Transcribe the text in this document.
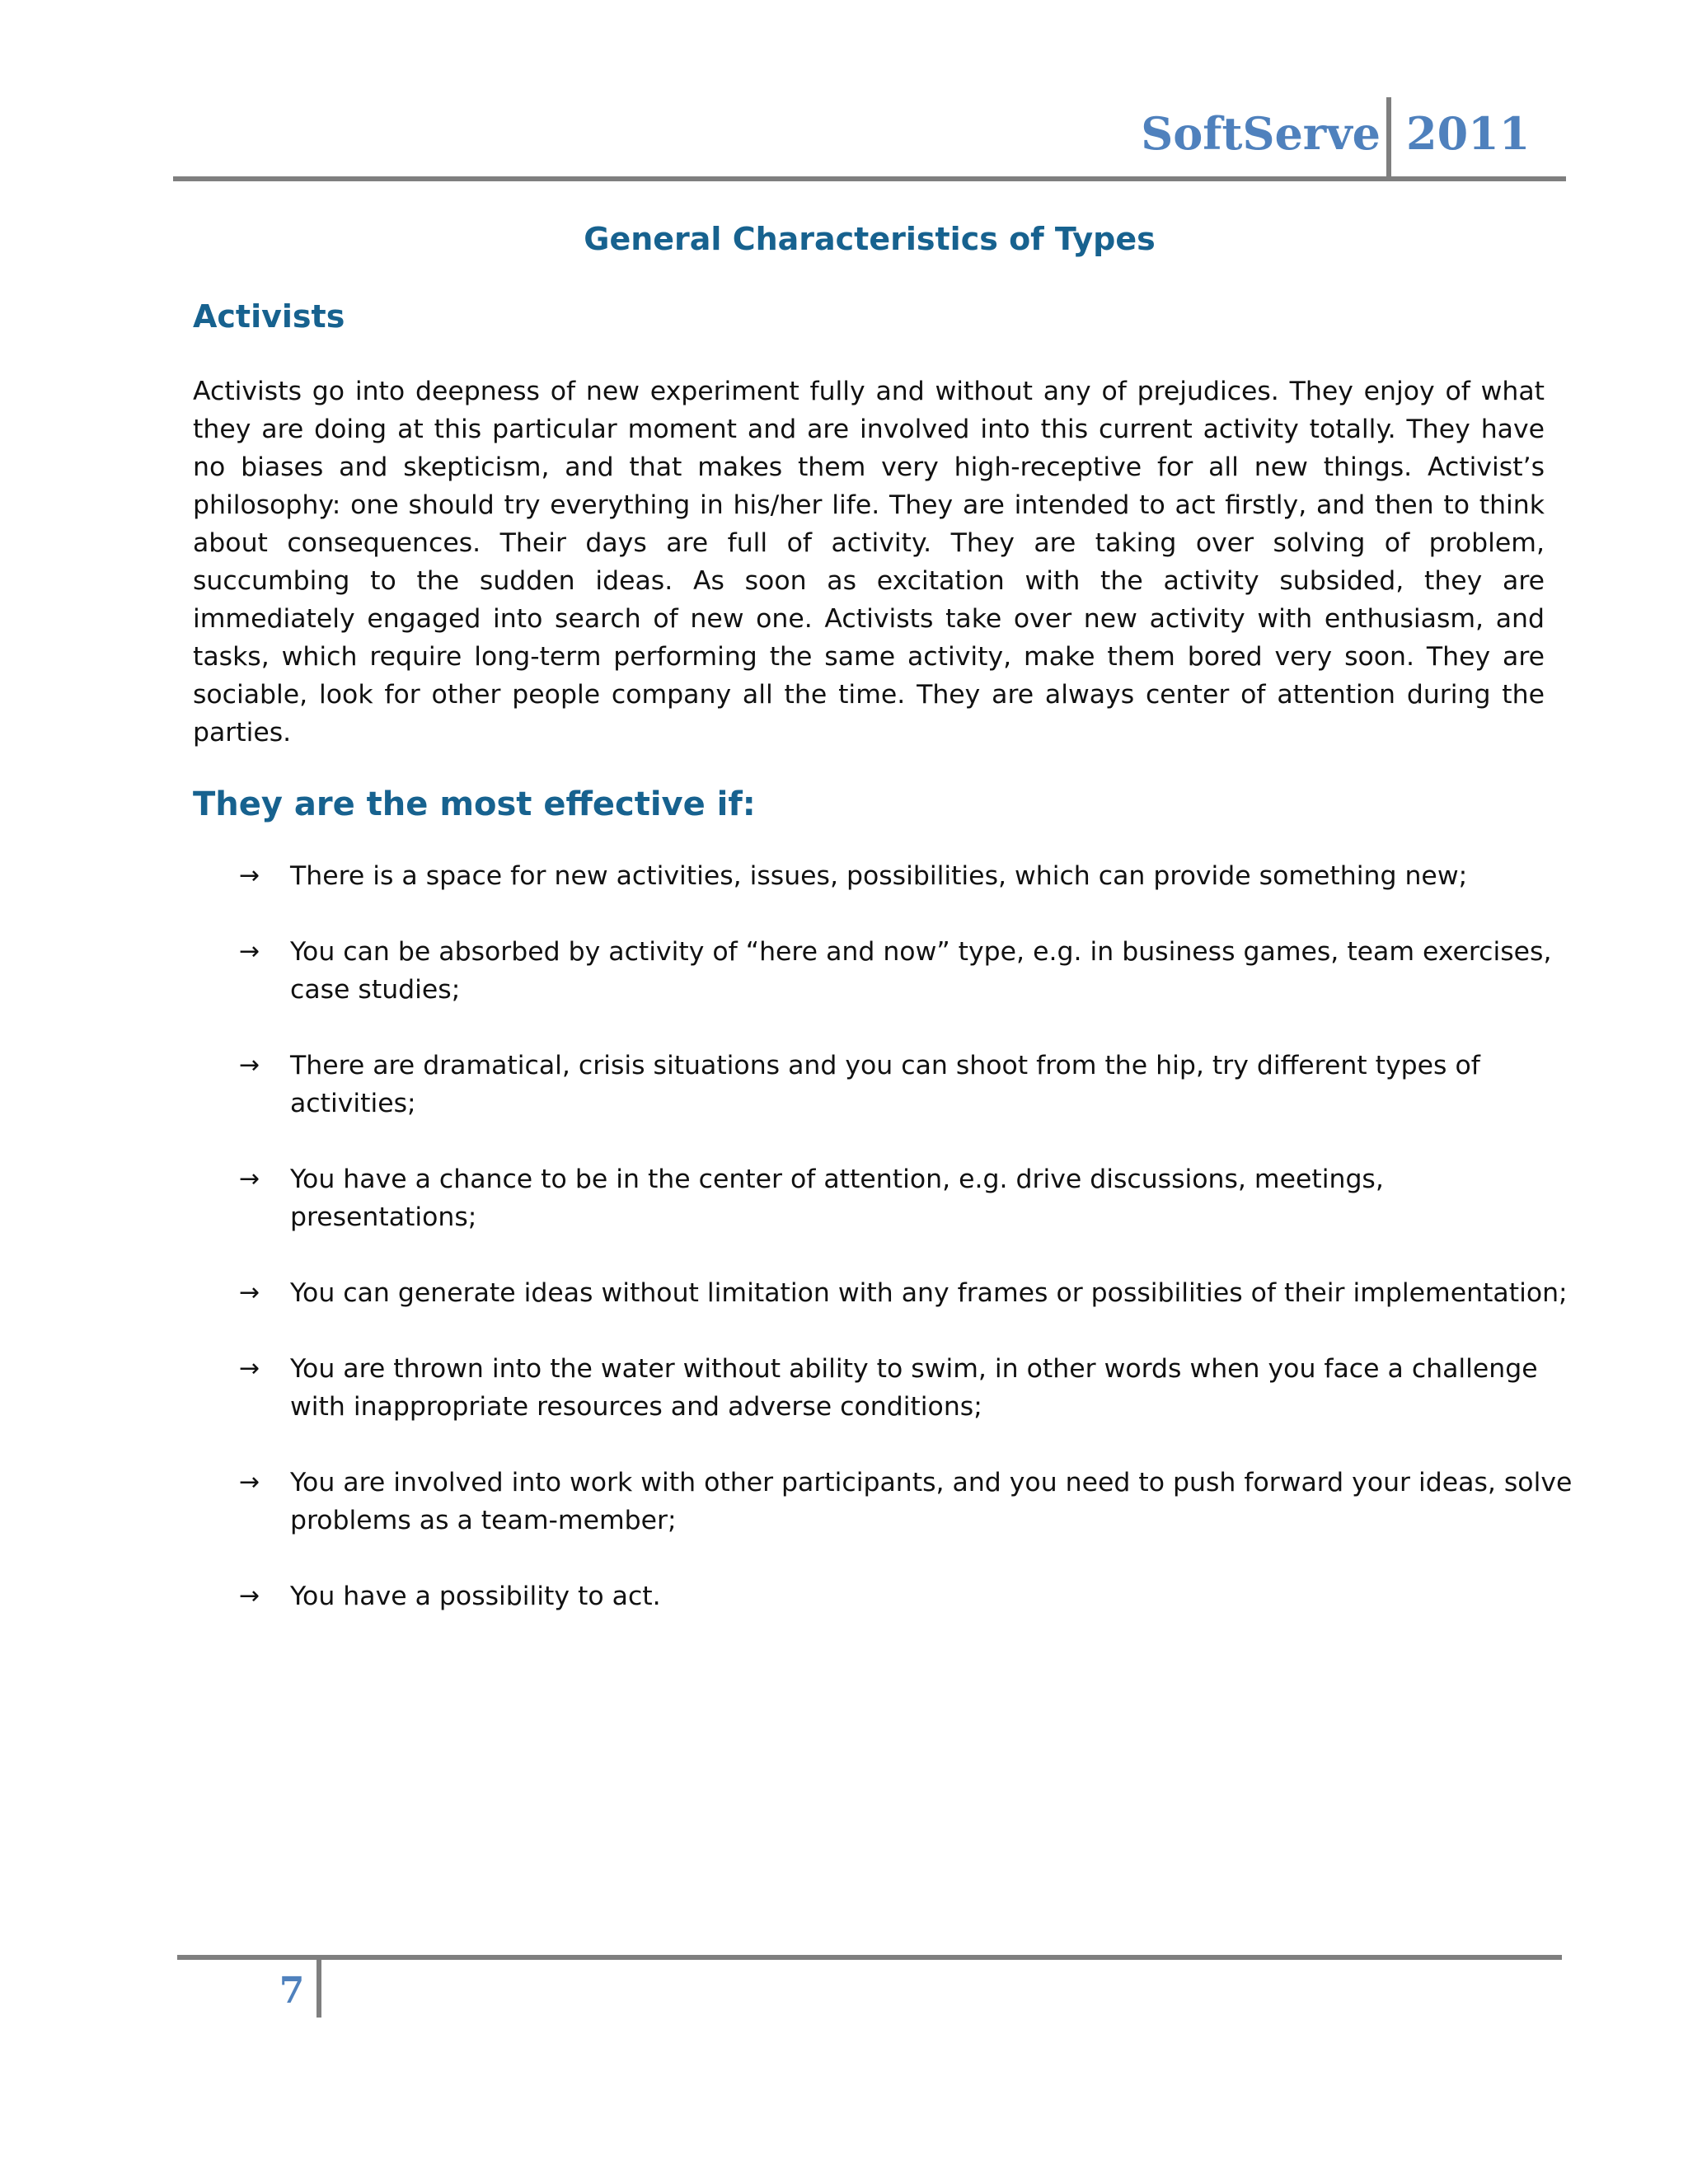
SoftServe 2011
General Characteristics of Types
Activists

Activists go into deepness of new experiment fully and without any of prejudices. They enjoy of what they are doing at this particular moment and are involved into this current activity totally. They have no biases and skepticism, and that makes them very high-receptive for all new things. Activist’s philosophy: one should try everything in his/her life. They are intended to act firstly, and then to think about consequences. Their days are full of activity. They are taking over solving of problem, succumbing to the sudden ideas. As soon as excitation with the activity subsided, they are immediately engaged into search of new one. Activists take over new activity with enthusiasm, and tasks, which require long-term performing the same activity, make them bored very soon. They are sociable, look for other people company all the time. They are always center of attention during the parties.

They are the most effective if:
→ There is a space for new activities, issues, possibilities, which can provide something new;
→ You can be absorbed by activity of “here and now” type, e.g. in business games, team exercises, case studies;
→ There are dramatical, crisis situations and you can shoot from the hip, try different types of activities;
→ You have a chance to be in the center of attention, e.g. drive discussions, meetings, presentations;
→ You can generate ideas without limitation with any frames or possibilities of their implementation;
→ You are thrown into the water without ability to swim, in other words when you face a challenge with inappropriate resources and adverse conditions;
→ You are involved into work with other participants, and you need to push forward your ideas, solve problems as a team-member;
→ You have a possibility to act.
7
